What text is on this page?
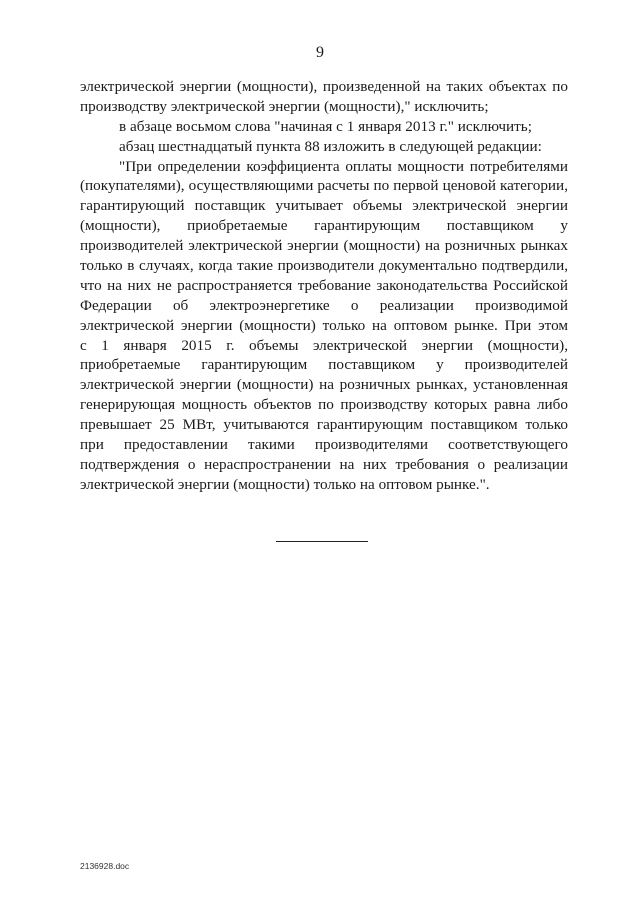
9
электрической энергии (мощности), произведенной на таких объектах по
производству электрической энергии (мощности)," исключить;
в абзаце восьмом слова "начиная с 1 января 2013 г." исключить;
абзац шестнадцатый пункта 88 изложить в следующей редакции:
"При определении коэффициента оплаты мощности потребителями
(покупателями), осуществляющими расчеты по первой ценовой категории,
гарантирующий поставщик учитывает объемы электрической энергии
(мощности), приобретаемые гарантирующим поставщиком у
производителей электрической энергии (мощности) на розничных рынках
только в случаях, когда такие производители документально подтвердили,
что на них не распространяется требование законодательства Российской
Федерации об электроэнергетике о реализации производимой
электрической энергии (мощности) только на оптовом рынке. При этом
с 1 января 2015 г. объемы электрической энергии (мощности),
приобретаемые гарантирующим поставщиком у производителей
электрической энергии (мощности) на розничных рынках, установленная
генерирующая мощность объектов по производству которых равна либо
превышает 25 МВт, учитываются гарантирующим поставщиком только
при предоставлении такими производителями соответствующего
подтверждения о нераспространении на них требования о реализации
электрической энергии (мощности) только на оптовом рынке.".
2136928.doc
